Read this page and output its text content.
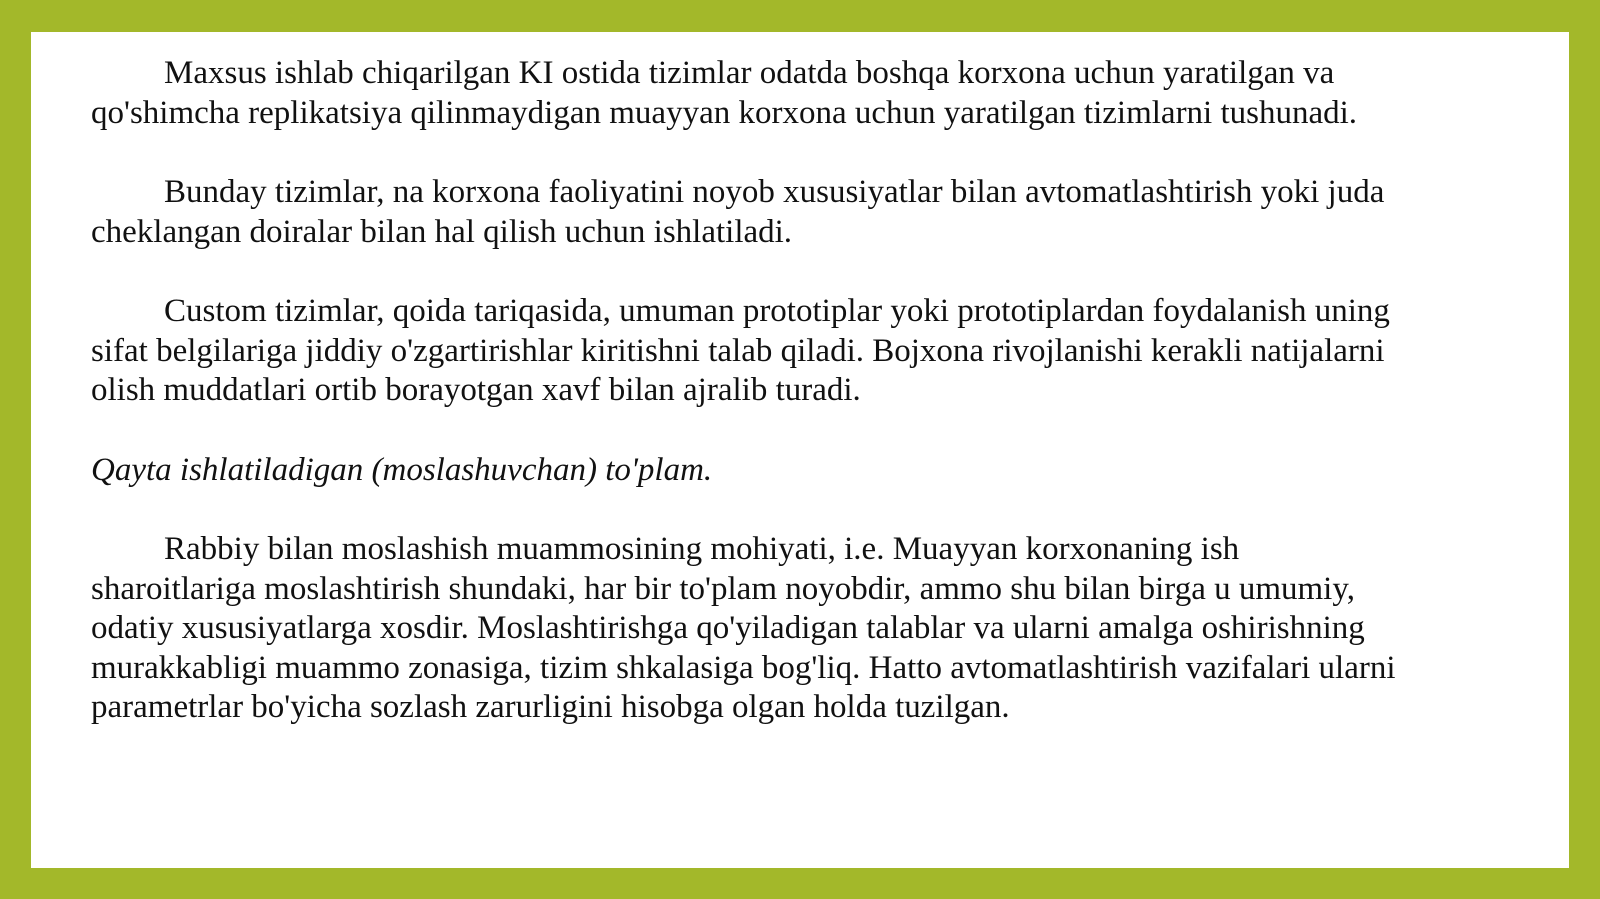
Maxsus ishlab chiqarilgan KI ostida tizimlar odatda boshqa korxona uchun yaratilgan va
qo'shimcha replikatsiya qilinmaydigan muayyan korxona uchun yaratilgan tizimlarni tushunadi.

Bunday tizimlar, na korxona faoliyatini noyob xususiyatlar bilan avtomatlashtirish yoki juda
cheklangan doiralar bilan hal qilish uchun ishlatiladi.

Custom tizimlar, qoida tariqasida, umuman prototiplar yoki prototiplardan foydalanish uning
sifat belgilariga jiddiy o'zgartirishlar kiritishni talab qiladi. Bojxona rivojlanishi kerakli natijalarni
olish muddatlari ortib borayotgan xavf bilan ajralib turadi.

Qayta ishlatiladigan (moslashuvchan) to'plam.

Rabbiy bilan moslashish muammosining mohiyati, i.e. Muayyan korxonaning ish
sharoitlariga moslashtirish shundaki, har bir to'plam noyobdir, ammo shu bilan birga u umumiy,
odatiy xususiyatlarga xosdir. Moslashtirishga qo'yiladigan talablar va ularni amalga oshirishning
murakkabligi muammo zonasiga, tizim shkalasiga bog'liq. Hatto avtomatlashtirish vazifalari ularni
parametrlar bo'yicha sozlash zarurligini hisobga olgan holda tuzilgan.
